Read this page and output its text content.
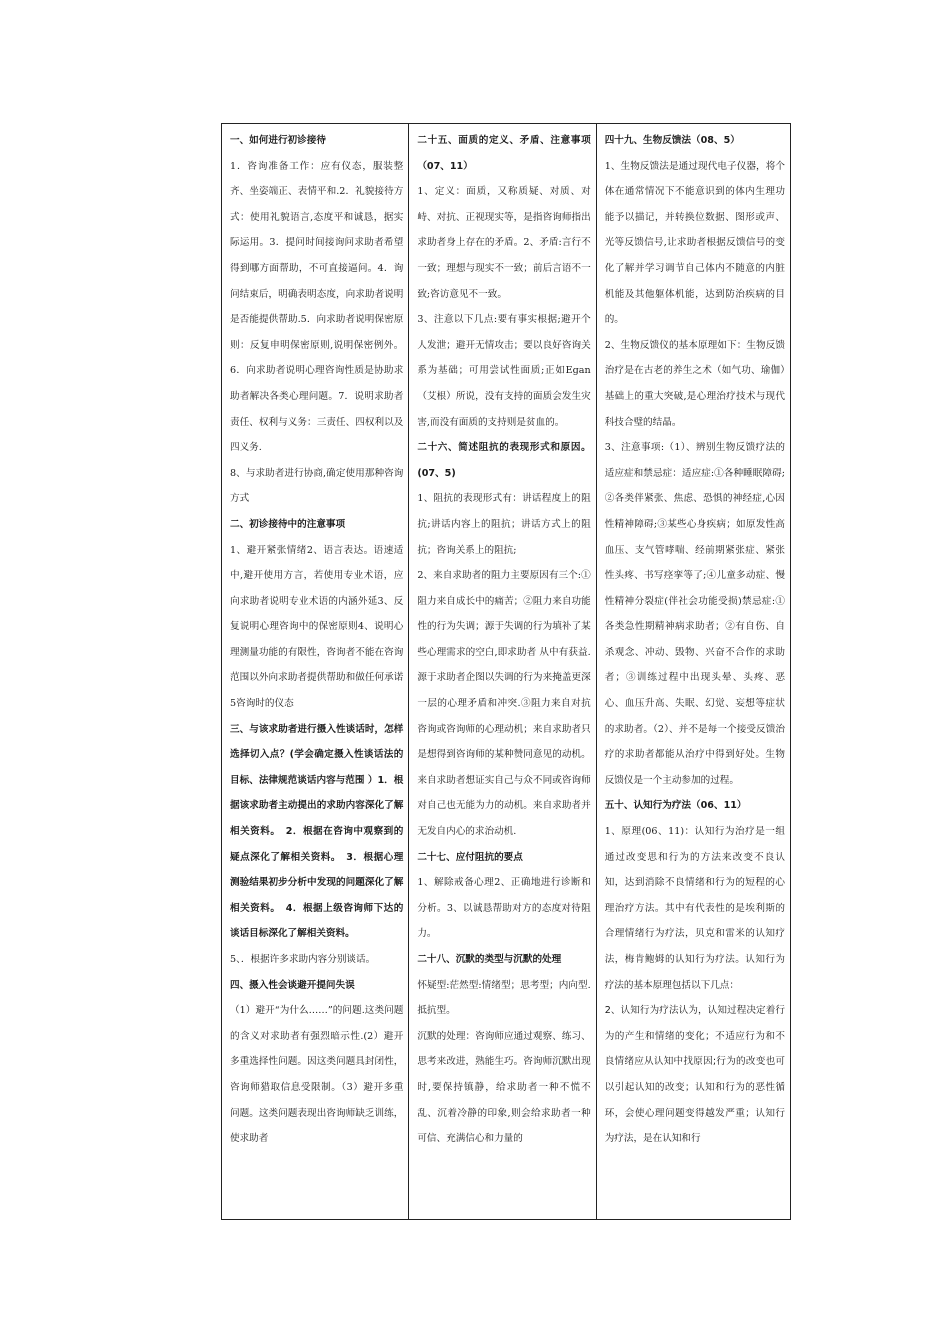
一、如何进行初诊接待

1．咨询准备工作：应有仪态，服装整齐、坐姿端正、表情平和.2．礼貌接待方式：使用礼貌语言,态度平和诚恳，据实际运用。3．提问时间接询问求助者希望得到哪方面帮助，不可直接逼问。4．询问结束后，明确表明态度，向求助者说明是否能提供帮助.5．向求助者说明保密原则：反复申明保密原则,说明保密例外。6．向求助者说明心理咨询性质是协助求助者解决各类心理问题。7．说明求助者责任、权利与义务：三责任、四权利以及四义务.

8、与求助者进行协商,确定使用那种咨询方式

二、初诊接待中的注意事项

1、避开紧张情绪2、语言表达。语速适中,避开使用方言，若使用专业术语，应向求助者说明专业术语的内涵外延3、反复说明心理咨询中的保密原则4、说明心理测量功能的有限性，咨询者不能在咨询范围以外向求助者提供帮助和做任何承诺5咨询时的仪态

三、与该求助者进行摄入性谈话时，怎样选择切入点？(学会确定摄入性谈话法的目标、法律规范谈话内容与范围 ）1．根据该求助者主动提出的求助内容深化了解相关资料。　2．根据在咨询中观察到的疑点深化了解相关资料。　3．根据心理测验结果初步分析中发现的问题深化了解相关资料。　4．根据上级咨询师下达的谈话目标深化了解相关资料。

5、．根据许多求助内容分别谈话。

四、摄入性会谈避开提问失误

（1）避开“为什么……”的问题.这类问题的含义对求助者有强烈暗示性.(2）避开多重选择性问题。因这类问题具封闭性，咨询师猎取信息受限制。（3）避开多重问题。这类问题表现出咨询师缺乏训练，使求助者

二十五、面质的定义、矛盾、注意事项（07、11）

1、定义：面质，又称质疑、对质、对峙、对抗、正视现实等，是指咨询师指出求助者身上存在的矛盾。2、矛盾:言行不一致；理想与现实不一致；前后言语不一致;咨访意见不一致。

3、注意以下几点:要有事实根据;避开个人发泄；避开无情攻击；要以良好咨询关系为基础；可用尝试性面质;正如Egan（艾根）所说，没有支持的面质会发生灾害,而没有面质的支持则是贫血的。

二十六、简述阻抗的表现形式和原因。(07、5)

1、阻抗的表现形式有：讲话程度上的阻抗;讲话内容上的阻抗；讲话方式上的阻抗；咨询关系上的阻抗;

2、来自求助者的阻力主要原因有三个:①阻力来自成长中的痛苦；②阻力来自功能性的行为失调；源于失调的行为填补了某些心理需求的空白,即求助者 从中有获益.源于求助者企图以失调的行为来掩盖更深一层的心理矛盾和冲突.③阻力来自对抗咨询或咨询师的心理动机；来自求助者只是想得到咨询师的某种赞同意见的动机。来自求助者想证实自己与众不同或咨询师对自己也无能为力的动机。来自求助者并无发自内心的求治动机.

二十七、应付阻抗的要点

1、解除戒备心理2、正确地进行诊断和分析。3、以诚恳帮助对方的态度对待阻力。

二十八、沉默的类型与沉默的处理

怀疑型:茫然型:情绪型；思考型；内向型.抵抗型。

沉默的处理：咨询师应通过观察、练习、思考来改进，熟能生巧。咨询师沉默出现时,要保持镇静，给求助者一种不慌不乱、沉着冷静的印象,则会给求助者一种可信、充满信心和力量的

四十九、生物反馈法（08、5）

1、生物反馈法是通过现代电子仪器，将个体在通常情况下不能意识到的体内生理功能予以描记，并转换位数据、图形或声、光等反馈信号,让求助者根据反馈信号的变化了解并学习调节自己体内不随意的内脏机能及其他躯体机能，达到防治疾病的目的。

2、生物反馈仪的基本原理如下：生物反馈治疗是在古老的养生之术（如气功、瑜伽）基础上的重大突破,是心理治疗技术与现代科技合璧的结晶。

3、注意事项:（1）、辨别生物反馈疗法的适应症和禁忌症：适应症:①各种睡眠障碍;②各类伴紧张、焦虑、恐惧的神经症,心因性精神障碍;③某些心身疾病；如原发性高血压、支气管哮喘、经前期紧张症、紧张性头疼、书写痉挛等了;④儿童多动症、慢性精神分裂症(伴社会功能受损)禁忌症:①各类急性期精神病求助者；②有自伤、自杀观念、冲动、毁物、兴奋不合作的求助者；③训练过程中出现头晕、头疼、恶心、血压升高、失眠、幻觉、妄想等症状的求助者。（2）、并不是每一个接受反馈治疗的求助者都能从治疗中得到好处。生物反馈仪是一个主动参加的过程。

五十、认知行为疗法（06、11）

1、原理(06、11)：认知行为治疗是一组通过改变思和行为的方法来改变不良认知，达到消除不良情绪和行为的短程的心理治疗方法。其中有代表性的是埃利斯的合理情绪行为疗法，贝克和雷米的认知疗法，梅肯鲍姆的认知行为疗法。认知行为疗法的基本原理包括以下几点：

2、认知行为疗法认为，认知过程决定着行为的产生和情绪的变化；不适应行为和不良情绪应从认知中找原因;行为的改变也可以引起认知的改变；认知和行为的恶性循环，会使心理问题变得越发严重；认知行为疗法，是在认知和行
